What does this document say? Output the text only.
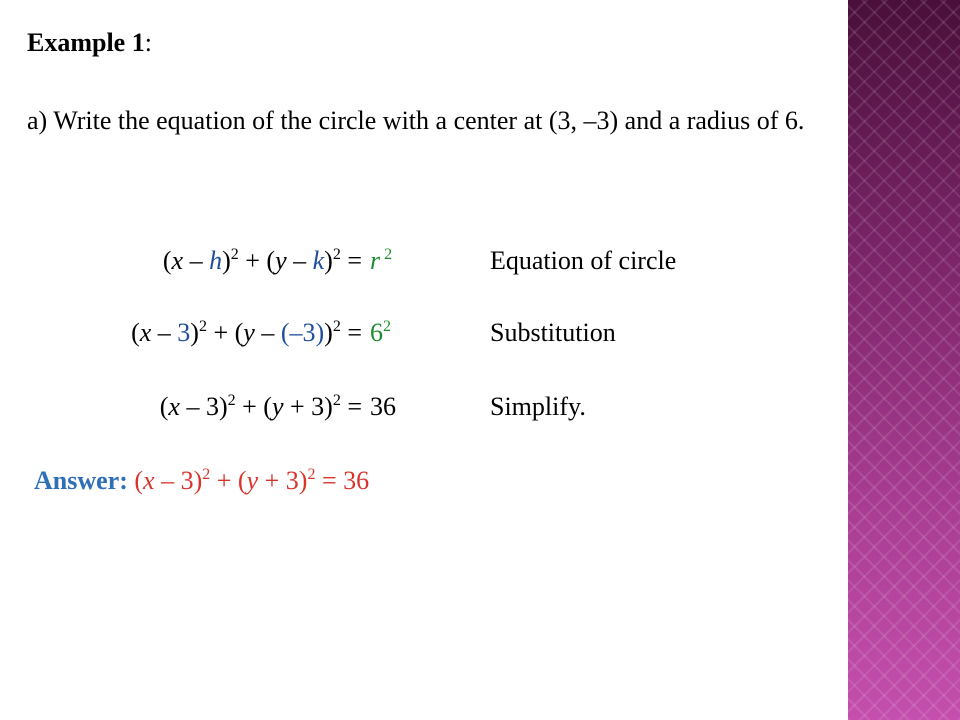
Example 1:
a) Write the equation of the circle with a center at (3, –3) and a radius of 6.
(x – h)$^2$ + (y – k)$^2$ = r $^2$	Equation of circle
$(x - 3)^2 + (y - (-3))^2 = 6^2$	Substitution
$(x - 3)^2 + (y + 3)^2 = 36$	Simplify.
Answer: $(x - 3)^2 + (y + 3)^2 = 36$
